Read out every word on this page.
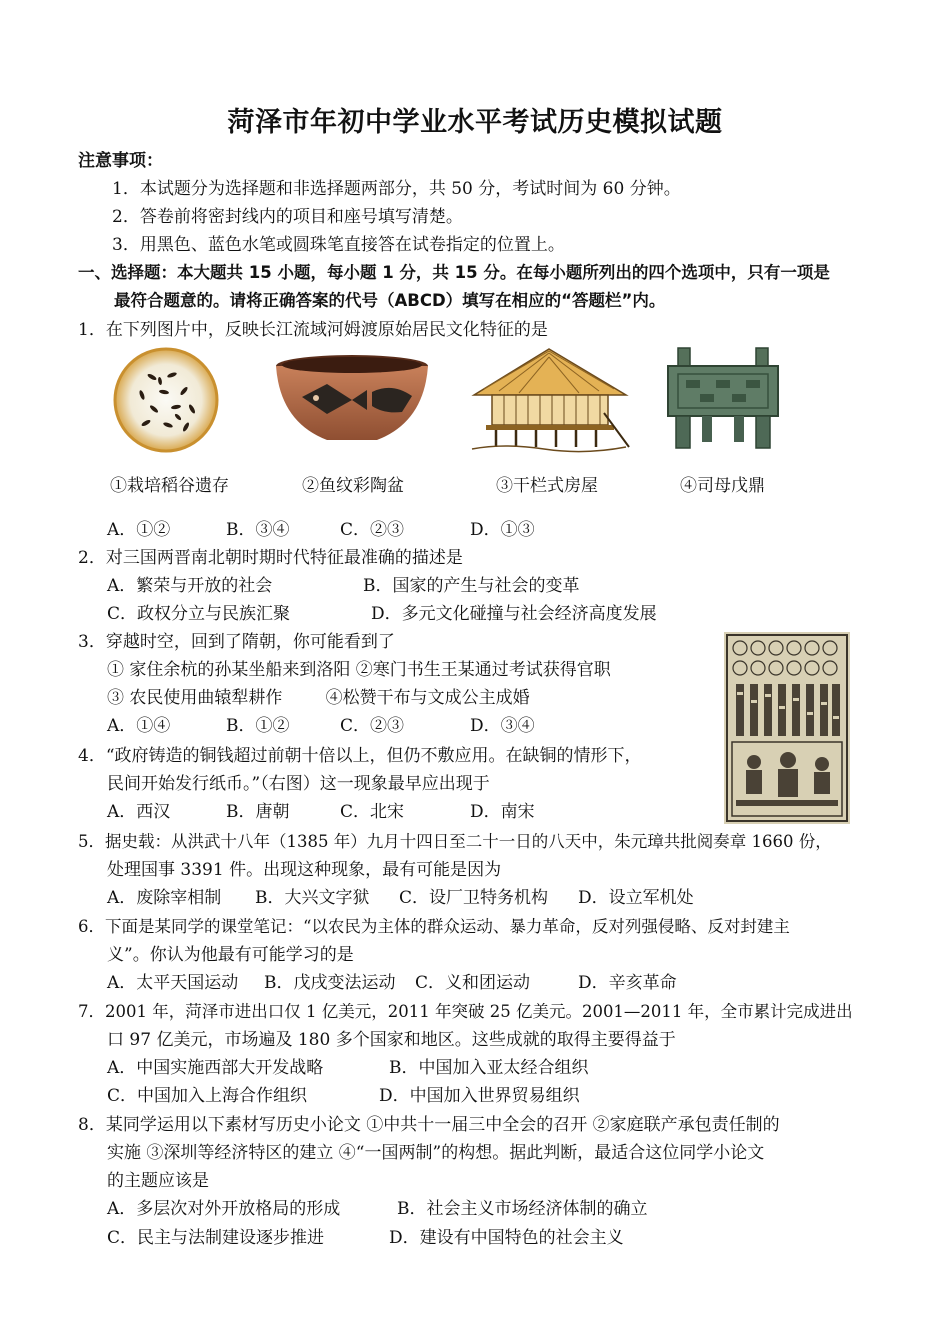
菏泽市年初中学业水平考试历史模拟试题
注意事项：
1．本试题分为选择题和非选择题两部分，共 50 分，考试时间为 60 分钟。
2．答卷前将密封线内的项目和座号填写清楚。
3．用黑色、蓝色水笔或圆珠笔直接答在试卷指定的位置上。
一、选择题：本大题共 15 小题，每小题 1 分，共 15 分。在每小题所列出的四个选项中，只有一项是
最符合题意的。请将正确答案的代号（ABCD）填写在相应的“答题栏”内。
1．在下列图片中，反映长江流域河姆渡原始居民文化特征的是
①栽培稻谷遗存	②鱼纹彩陶盆	③干栏式房屋	④司母戊鼎
A．①②	B．③④	C．②③	D．①③
2．对三国两晋南北朝时期时代特征最准确的描述是
A．繁荣与开放的社会	B．国家的产生与社会的变革
C．政权分立与民族汇聚	D．多元文化碰撞与社会经济高度发展
3．穿越时空，回到了隋朝，你可能看到了
① 家住余杭的孙某坐船来到洛阳 ②寒门书生王某通过考试获得官职
③ 农民使用曲辕犁耕作        ④松赞干布与文成公主成婚
A．①④	B．①②	C．②③	D．③④
4．“政府铸造的铜钱超过前朝十倍以上，但仍不敷应用。在缺铜的情形下，
民间开始发行纸币。”（右图）这一现象最早应出现于
A．西汉	B．唐朝	C．北宋	D．南宋
5．据史载：从洪武十八年（1385 年）九月十四日至二十一日的八天中，朱元璋共批阅奏章 1660 份，
处理国事 3391 件。出现这种现象，最有可能是因为
A．废除宰相制 B．大兴文字狱 C．设厂卫特务机构 D．设立军机处
6．下面是某同学的课堂笔记：“以农民为主体的群众运动、暴力革命，反对列强侵略、反对封建主
义”。你认为他最有可能学习的是
A．太平天国运动 B．戊戌变法运动 C．义和团运动	D．辛亥革命
7．2001 年，菏泽市进出口仅 1 亿美元，2011 年突破 25 亿美元。2001—2011 年，全市累计完成进出
口 97 亿美元，市场遍及 180 多个国家和地区。这些成就的取得主要得益于
A．中国实施西部大开发战略	B．中国加入亚太经合组织
C．中国加入上海合作组织	D．中国加入世界贸易组织
8．某同学运用以下素材写历史小论文 ①中共十一届三中全会的召开 ②家庭联产承包责任制的
实施 ③深圳等经济特区的建立 ④“一国两制”的构想。据此判断，最适合这位同学小论文
的主题应该是
A．多层次对外开放格局的形成	B．社会主义市场经济体制的确立
C．民主与法制建设逐步推进	D．建设有中国特色的社会主义
